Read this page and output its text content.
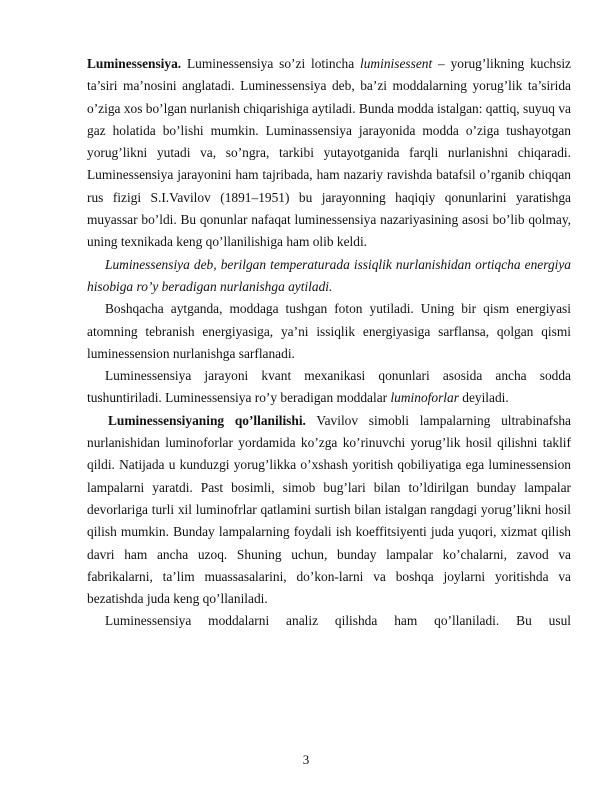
Luminessensiya. Luminessensiya so’zi lotincha luminisessent – yorug’likning kuchsiz ta’siri ma’nosini anglatadi. Luminessensiya deb, ba’zi moddalarning yorug’lik ta’sirida o’ziga xos bo’lgan nurlanish chiqarishiga aytiladi. Bunda modda istalgan: qattiq, suyuq va gaz holatida bo’lishi mumkin. Luminassensiya jarayonida modda o’ziga tushayotgan yorug’likni yutadi va, so’ngra, tarkibi yutayotganida farqli nurlanishni chiqaradi. Luminessensiya jarayonini ham tajribada, ham nazariy ravishda batafsil o’rganib chiqqan rus fizigi S.I.Vavilov (1891–1951) bu jarayonning haqiqiy qonunlarini yaratishga muyassar bo’ldi. Bu qonunlar nafaqat luminessensiya nazariyasining asosi bo’lib qolmay, uning texnikada keng qo’llanilishiga ham olib keldi.

Luminessensiya deb, berilgan temperaturada issiqlik nurlanishidan ortiqcha energiya hisobiga ro’y beradigan nurlanishga aytiladi.

Boshqacha aytganda, moddaga tushgan foton yutiladi. Uning bir qism energiyasi atomning tebranish energiyasiga, ya’ni issiqlik energiyasiga sarflansa, qolgan qismi luminessension nurlanishga sarflanadi.

Luminessensiya jarayoni kvant mexanikasi qonunlari asosida ancha sodda tushuntiriladi. Luminessensiya ro’y beradigan moddalar luminoforlar deyiladi.

Luminessensiyaning qo’llanilishi. Vavilov simobli lampalarning ultrabinafsha nurlanishidan luminoforlar yordamida ko’zga ko’rinuvchi yorug’lik hosil qilishni taklif qildi. Natijada u kunduzgi yorug’likka o’xshash yoritish qobiliyatiga ega luminessension lampalarni yaratdi. Past bosimli, simob bug’lari bilan to’ldirilgan bunday lampalar devorlariga turli xil luminofrlar qatlamini surtish bilan istalgan rangdagi yorug’likni hosil qilish mumkin. Bunday lampalarning foydali ish koeffitsiyenti juda yuqori, xizmat qilish davri ham ancha uzoq. Shuning uchun, bunday lampalar ko’chalarni, zavod va fabrikalarni, ta’lim muassasalarini, do’kon-larni va boshqa joylarni yoritishda va bezatishda juda keng qo’llaniladi.

Luminessensiya moddalarni analiz qilishda ham qo’llaniladi. Bu usul

3
